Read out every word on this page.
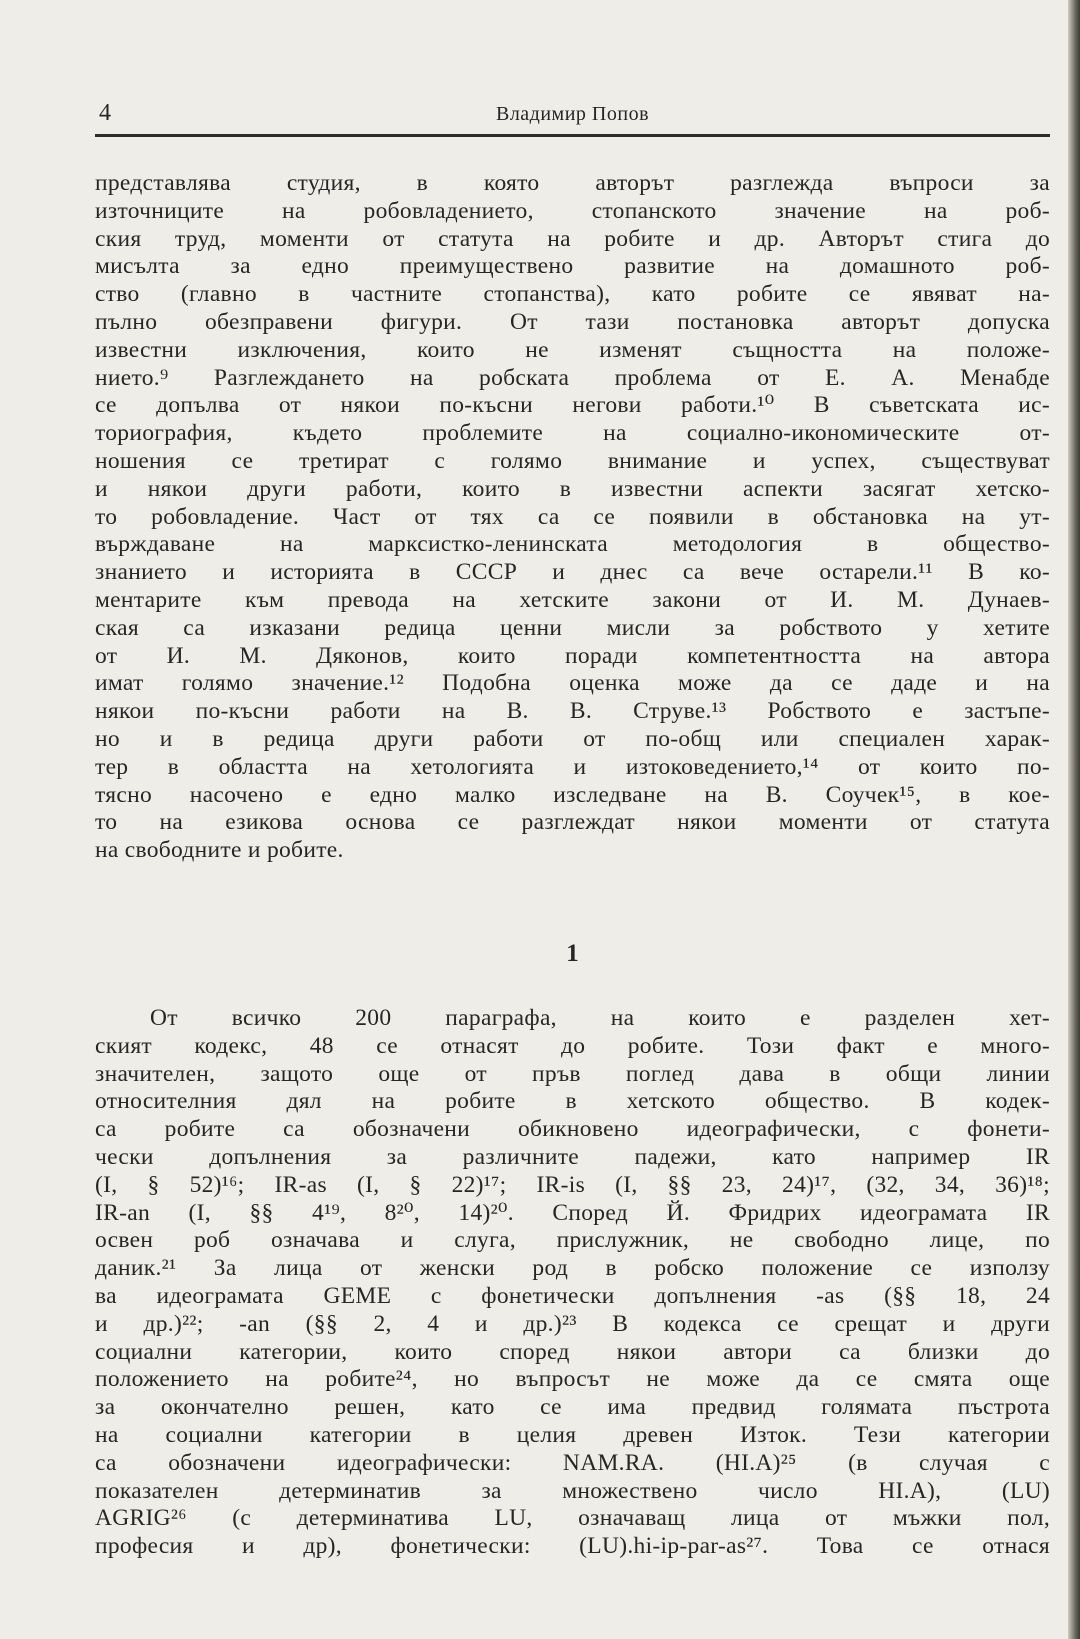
4	Владимир Попов
представлява студия, в която авторът разглежда въпроси за
източниците на робовладението, стопанското значение на роб-
ския труд, моменти от статута на робите и др. Авторът стига до
мисълта за едно преимуществено развитие на домашното роб-
ство (главно в частните стопанства), като робите се явяват на-
пълно обезправени фигури. От тази постановка авторът допуска
известни изключения, които не изменят същността на положе-
нието.⁹ Разглеждането на робската проблема от Е. А. Менабде
се допълва от някои по-късни негови работи.¹⁰ В съветската ис-
ториография, където проблемите на социално-икономическите от-
ношения се третират с голямо внимание и успех, съществуват
и някои други работи, които в известни аспекти засягат хетско-
то робовладение. Част от тях са се появили в обстановка на ут-
върждаване на марксистко-ленинската методология в обществo-
знанието и историята в СССР и днес са вече остарели.¹¹ В ко-
ментарите към превода на хетските закони от И. М. Дунаев-
ская са изказани редица ценни мисли за робството у хетите
от И. М. Дяконов, които поради компетентността на автора
имат голямо значение.¹² Подобна оценка може да се даде и на
някои по-късни работи на В. В. Струве.¹³ Робството е застъпе-
но и в редица други работи от по-общ или специален харак-
тер в областта на хетологията и изтоковедението,¹⁴ от които по-
тясно насочено е едно малко изследване на В. Соучек¹⁵, в кое-
то на езикова основа се разглеждат някои моменти от статута
на свободните и робите.
1
От всичко 200 параграфа, на които е разделен хет-
ският кодекс, 48 се отнасят до робите. Този факт е много-
значителен, защото още от пръв поглед дава в общи линии
относителния дял на робите в хетското общество. В кодек-
са робите са обозначени обикновено идеографически, с фонети-
чески допълнения за различните падежи, като например IR
(I, § 52)¹⁶; IR-as (I, § 22)¹⁷; IR-is (I, §§ 23, 24)¹⁷, (32, 34, 36)¹⁸;
IR-an (I, §§ 4¹⁹, 8²⁰, 14)²⁰. Според Й. Фридрих идеограмата IR
освен роб означава и слуга, прислужник, не свободно лице, по
даник.²¹ За лица от женски род в робско положение се използу
ва идеограмата GEME с фонетически допълнения -as (§§ 18, 24
и др.)²²; -an (§§ 2, 4 и др.)²³ В кодекса се срещат и други
социални категории, които според някои автори са близки до
положението на робите²⁴, но въпросът не може да се смята още
за окончателно решен, като се има предвид голямата пъстрота
на социални категории в целия древен Изток. Тези категории
са обозначени идеографически: NAM.RA. (HI.A)²⁵ (в случая с
показателен детерминатив за множествено число HI.A), (LU)
AGRIG²⁶ (с детерминатива LU, означаващ лица от мъжки пол,
професия и др), фонетически: (LU).hi-ip-par-as²⁷. Това се отнася
